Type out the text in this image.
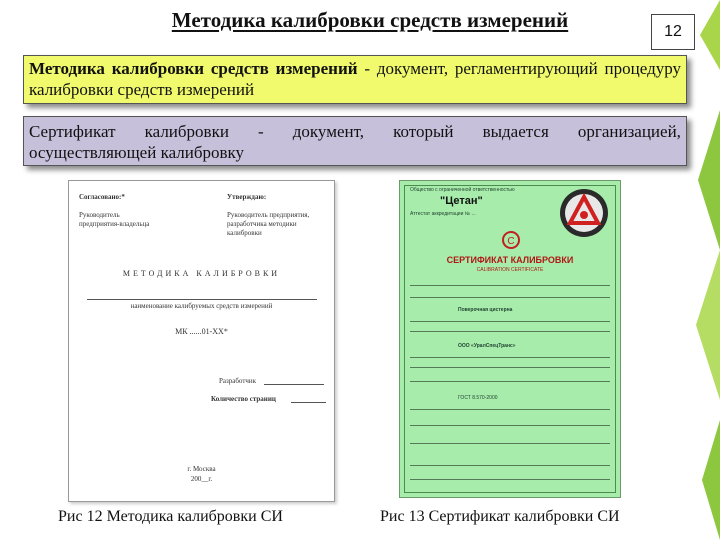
Методика калибровки средств измерений	12
Методика калибровки средств измерений - документ, регламентирующий процедуру калибровки средств измерений
Сертификат калибровки - документ, который выдается организацией,
осуществляющей калибровку
Согласовано:*	Утверждаю:
Руководитель предприятия-владельца
Руководитель предприятия, разработчика методики калибровки
МЕТОДИКА КАЛИБРОВКИ
наименование калибруемых средств измерений
МК ......01-ХХ*
Разработчик
Количество страниц
г. Москва
200__г.
Общество с ограниченной ответственностью
"Цетан"
Аттестат аккредитации № ...
С
СЕРТИФИКАТ КАЛИБРОВКИ
CALIBRATION CERTIFICATE
Поверочная цистерна
ООО «УралСпецТранс»
ГОСТ 8.570-2000
Рис 12 Методика калибровки СИ	Рис 13 Сертификат калибровки СИ
